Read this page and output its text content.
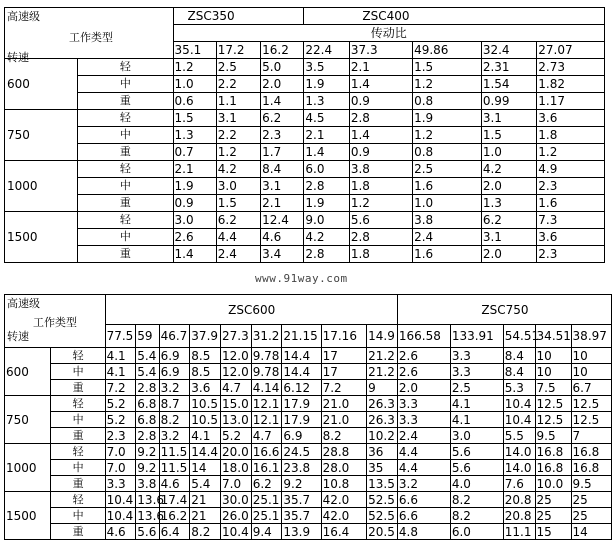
高速级
工作类型
转速		ZSC350			ZSC400				
		传动比							
		35.1	17.2	16.2	22.4	37.3	49.86	32.4	27.07
600	轻	1.2	2.5	5.0	3.5	2.1	1.5	2.31	2.73
	中	1.0	2.2	2.0	1.9	1.4	1.2	1.54	1.82
	重	0.6	1.1	1.4	1.3	0.9	0.8	0.99	1.17
750	轻	1.5	3.1	6.2	4.5	2.8	1.9	3.1	3.6
	中	1.3	2.2	2.3	2.1	1.4	1.2	1.5	1.8
	重	0.7	1.2	1.7	1.4	0.9	0.8	1.0	1.2
1000	轻	2.1	4.2	8.4	6.0	3.8	2.5	4.2	4.9
	中	1.9	3.0	3.1	2.8	1.8	1.6	2.0	2.3
	重	0.9	1.5	2.1	1.9	1.2	1.0	1.3	1.6
1500	轻	3.0	6.2	12.4	9.0	5.6	3.8	6.2	7.3
	中	2.6	4.4	4.6	4.2	2.8	2.4	3.1	3.6
	重	1.4	2.4	3.4	2.8	1.8	1.6	2.0	2.3
www.91way.com
高速级
工作类型
转速		ZSC600									ZSC750				
		77.5	59	46.7	37.9	27.3	31.2	21.15	17.16	14.9	166.58	133.91	54.51	34.51	38.97
600	轻	4.1	5.4	6.9	8.5	12.0	9.78	14.4	17	21.2	2.6	3.3	8.4	10	10
	中	4.1	5.4	6.9	8.5	12.0	9.78	14.4	17	21.2	2.6	3.3	8.4	10	10
	重	7.2	2.8	3.2	3.6	4.7	4.14	6.12	7.2	9	2.0	2.5	5.3	7.5	6.7
750	轻	5.2	6.8	8.7	10.5	15.0	12.1	17.9	21.0	26.3	3.3	4.1	10.4	12.5	12.5
	中	5.2	6.8	8.2	10.5	13.0	12.1	17.9	21.0	26.3	3.3	4.1	10.4	12.5	12.5
	重	2.3	2.8	3.2	4.1	5.2	4.7	6.9	8.2	10.2	2.4	3.0	5.5	9.5	7
1000	轻	7.0	9.2	11.5	14.4	20.0	16.6	24.5	28.8	36	4.4	5.6	14.0	16.8	16.8
	中	7.0	9.2	11.5	14	18.0	16.1	23.8	28.0	35	4.4	5.6	14.0	16.8	16.8
	重	3.3	3.8	4.6	5.4	7.0	6.2	9.2	10.8	13.5	3.2	4.0	7.6	10.0	9.5
1500	轻	10.4	13.6	17.4	21	30.0	25.1	35.7	42.0	52.5	6.6	8.2	20.8	25	25
	中	10.4	13.6	16.2	21	26.0	25.1	35.7	42.0	52.5	6.6	8.2	20.8	25	25
	重	4.6	5.6	6.4	8.2	10.4	9.4	13.9	16.4	20.5	4.8	6.0	11.1	15	14
